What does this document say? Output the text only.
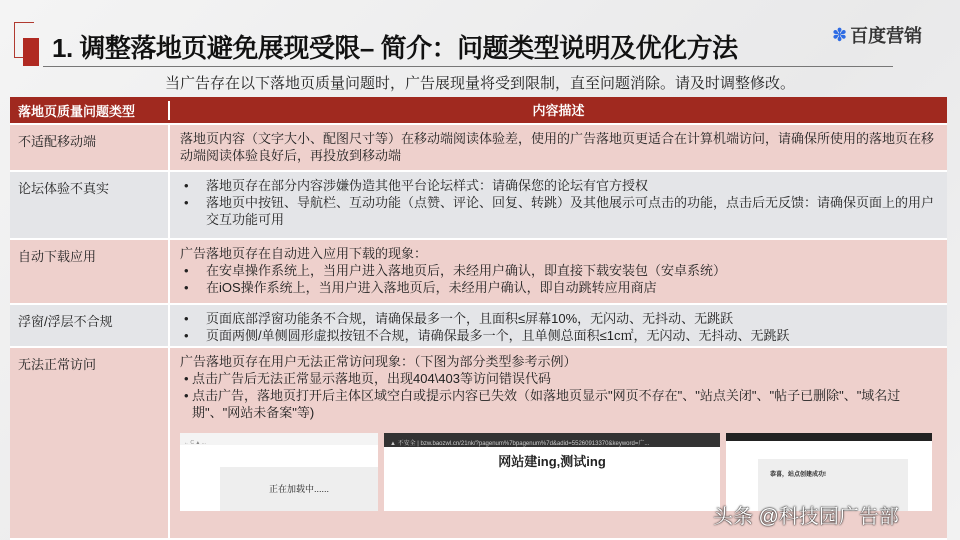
1. 调整落地页避免展现受限– 简介：问题类型说明及优化方法	✽ 百度营销
当广告存在以下落地页质量问题时，广告展现量将受到限制，直至问题消除。请及时调整修改。
落地页质量问题类型	内容描述
不适配移动端	落地页内容（文字大小、配图尺寸等）在移动端阅读体验差，使用的广告落地页更适合在计算机端访问，请确保所使用的落地页在移动端阅读体验良好后，再投放到移动端
论坛体验不真实	•	落地页存在部分内容涉嫌伪造其他平台论坛样式：请确保您的论坛有官方授权
•	落地页中按钮、导航栏、互动功能（点赞、评论、回复、转跳）及其他展示可点击的功能，点击后无反馈：请确保页面上的用户交互功能可用
自动下载应用	广告落地页存在自动进入应用下载的现象：
•	在安卓操作系统上，当用户进入落地页后，未经用户确认，即直接下载安装包（安卓系统）
•	在iOS操作系统上，当用户进入落地页后，未经用户确认，即自动跳转应用商店
浮窗/浮层不合规	•	页面底部浮窗功能条不合规，请确保最多一个，且面积≤屏幕10%，无闪动、无抖动、无跳跃
•	页面两侧/单侧圆形虚拟按钮不合规，请确保最多一个，且单侧总面积≤1c㎡，无闪动、无抖动、无跳跃
无法正常访问	广告落地页存在用户无法正常访问现象：（下图为部分类型参考示例）
• 点击广告后无法正常显示落地页，出现404\403等访问错误代码
• 点击广告，落地页打开后主体区域空白或提示内容已失效（如落地页显示"网页不存在"、"站点关闭"、"帖子已删除"、"域名过期"、"网站未备案"等)
← C ▲ ...
正在加载中......
▲ 不安全 | bzw.baozwl.cn/21nk/?pagenum%7bpagenum%7d&adid=55260913370&keyword=广...
网站建ing,测试ing
恭喜，站点创建成功!
头条 @科技园广告部
